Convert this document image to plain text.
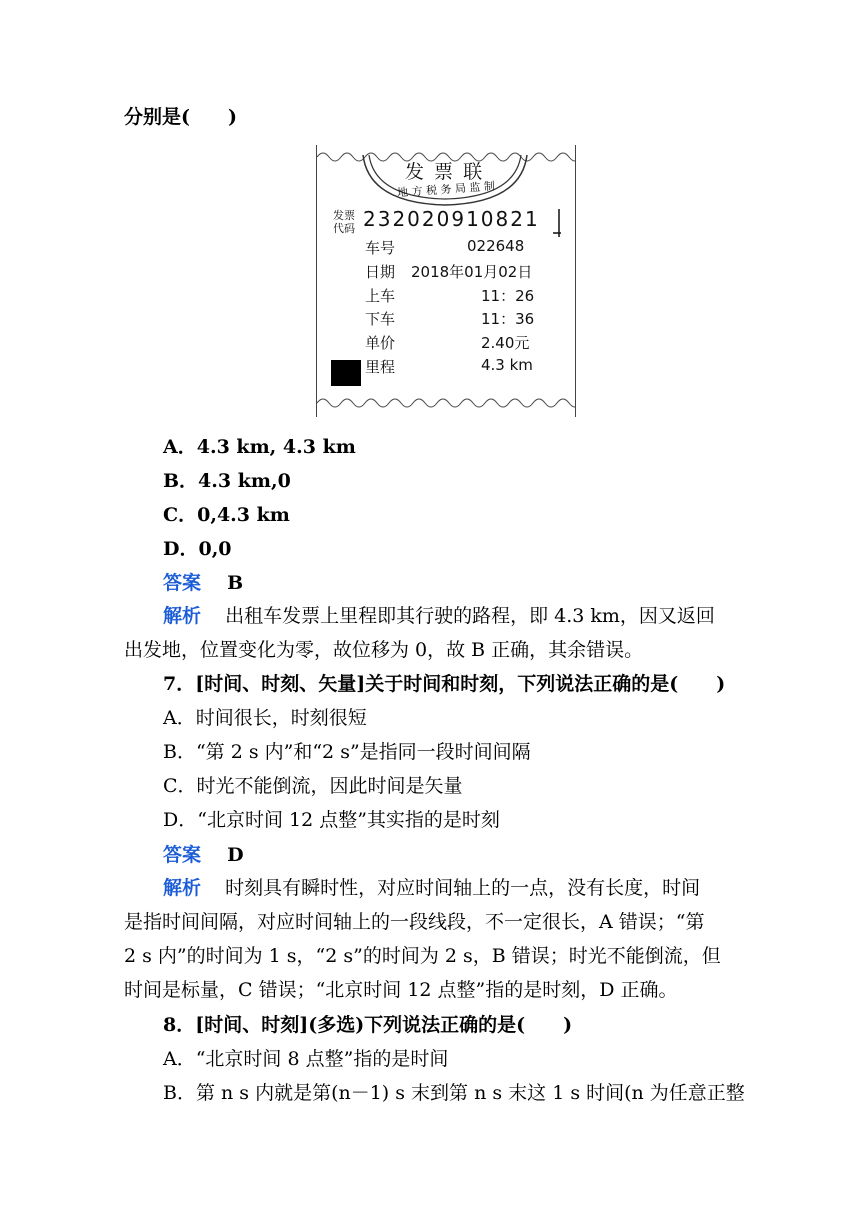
分别是(　　)
发 票 联
地 方 税 务 局 监 制
发票
代码 232020910821
车号	022648
日期 2018年01月02日
上车	11：26
下车	11：36
单价	2.40元
里程	4.3 km
A．4.3 km, 4.3 km
B．4.3 km,0
C．0,4.3 km
D．0,0
答案 B
解析 出租车发票上里程即其行驶的路程，即 4.3 km，因又返回
出发地，位置变化为零，故位移为 0，故 B 正确，其余错误。
7．[时间、时刻、矢量]关于时间和时刻，下列说法正确的是(　　)
A．时间很长，时刻很短
B．“第 2 s 内”和“2 s”是指同一段时间间隔
C．时光不能倒流，因此时间是矢量
D．“北京时间 12 点整”其实指的是时刻
答案 D
解析 时刻具有瞬时性，对应时间轴上的一点，没有长度，时间
是指时间间隔，对应时间轴上的一段线段，不一定很长，A 错误；“第
2 s 内”的时间为 1 s，“2 s”的时间为 2 s，B 错误；时光不能倒流，但
时间是标量，C 错误；“北京时间 12 点整”指的是时刻，D 正确。
8．[时间、时刻](多选)下列说法正确的是(　　)
A．“北京时间 8 点整”指的是时间
B．第 n s 内就是第(n－1) s 末到第 n s 末这 1 s 时间(n 为任意正整
